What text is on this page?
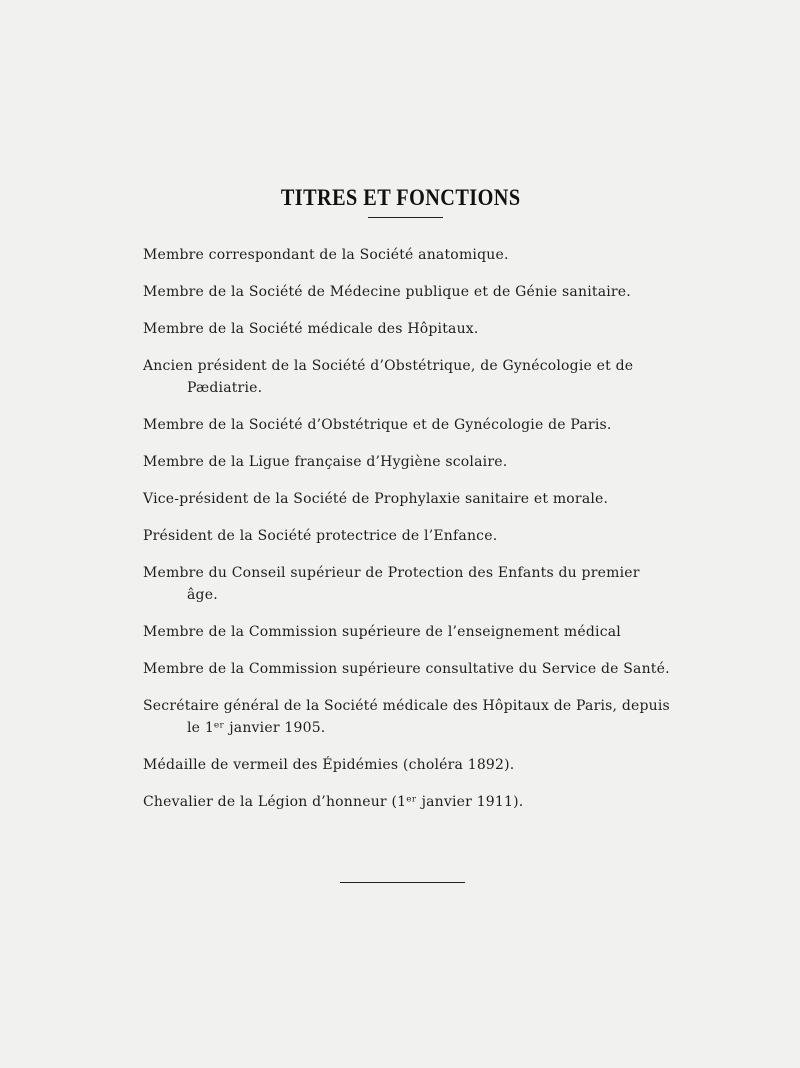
TITRES ET FONCTIONS
Membre correspondant de la Société anatomique.
Membre de la Société de Médecine publique et de Génie sanitaire.
Membre de la Société médicale des Hôpitaux.
Ancien président de la Société d’Obstétrique, de Gynécologie et de Pædiatrie.
Membre de la Société d’Obstétrique et de Gynécologie de Paris.
Membre de la Ligue française d’Hygiène scolaire.
Vice-président de la Société de Prophylaxie sanitaire et morale.
Président de la Société protectrice de l’Enfance.
Membre du Conseil supérieur de Protection des Enfants du premier âge.
Membre de la Commission supérieure de l’enseignement médical
Membre de la Commission supérieure consultative du Service de Santé.
Secrétaire général de la Société médicale des Hôpitaux de Paris, depuis le 1ᵉʳ janvier 1905.
Médaille de vermeil des Épidémies (choléra 1892).
Chevalier de la Légion d’honneur (1ᵉʳ janvier 1911).
